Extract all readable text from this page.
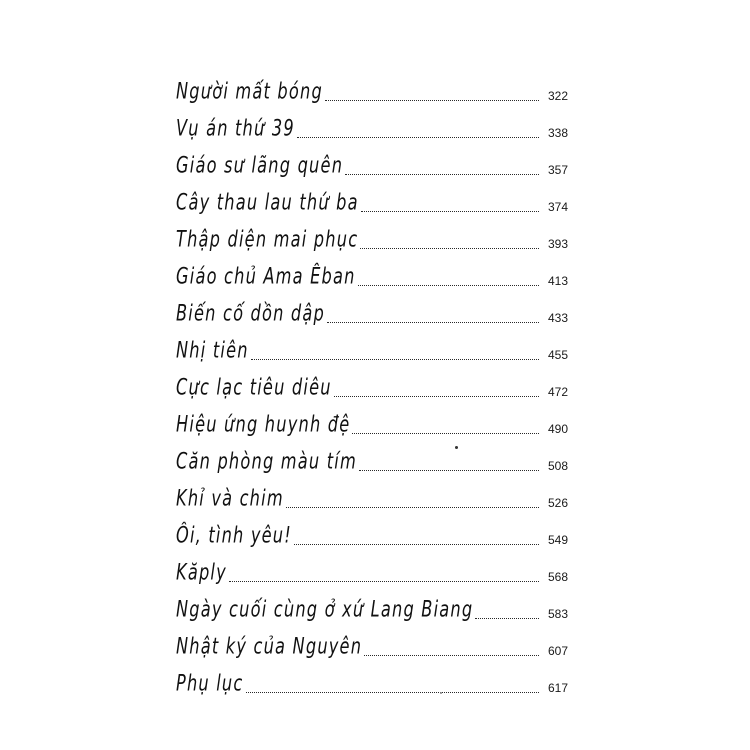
Người mất bóng	322
Vụ án thứ 39	338
Giáo sư lãng quên	357
Cây thau lau thứ ba	374
Thập diện mai phục	393
Giáo chủ Ama Êban	413
Biến cố dồn dập	433
Nhị tiên	455
Cực lạc tiêu diêu	472
Hiệu ứng huynh đệ	490
Căn phòng màu tím	508
Khỉ và chim	526
Ôi, tình yêu!	549
Kăply	568
Ngày cuối cùng ở xứ Lang Biang	583
Nhật ký của Nguyên	607
Phụ lục	617
